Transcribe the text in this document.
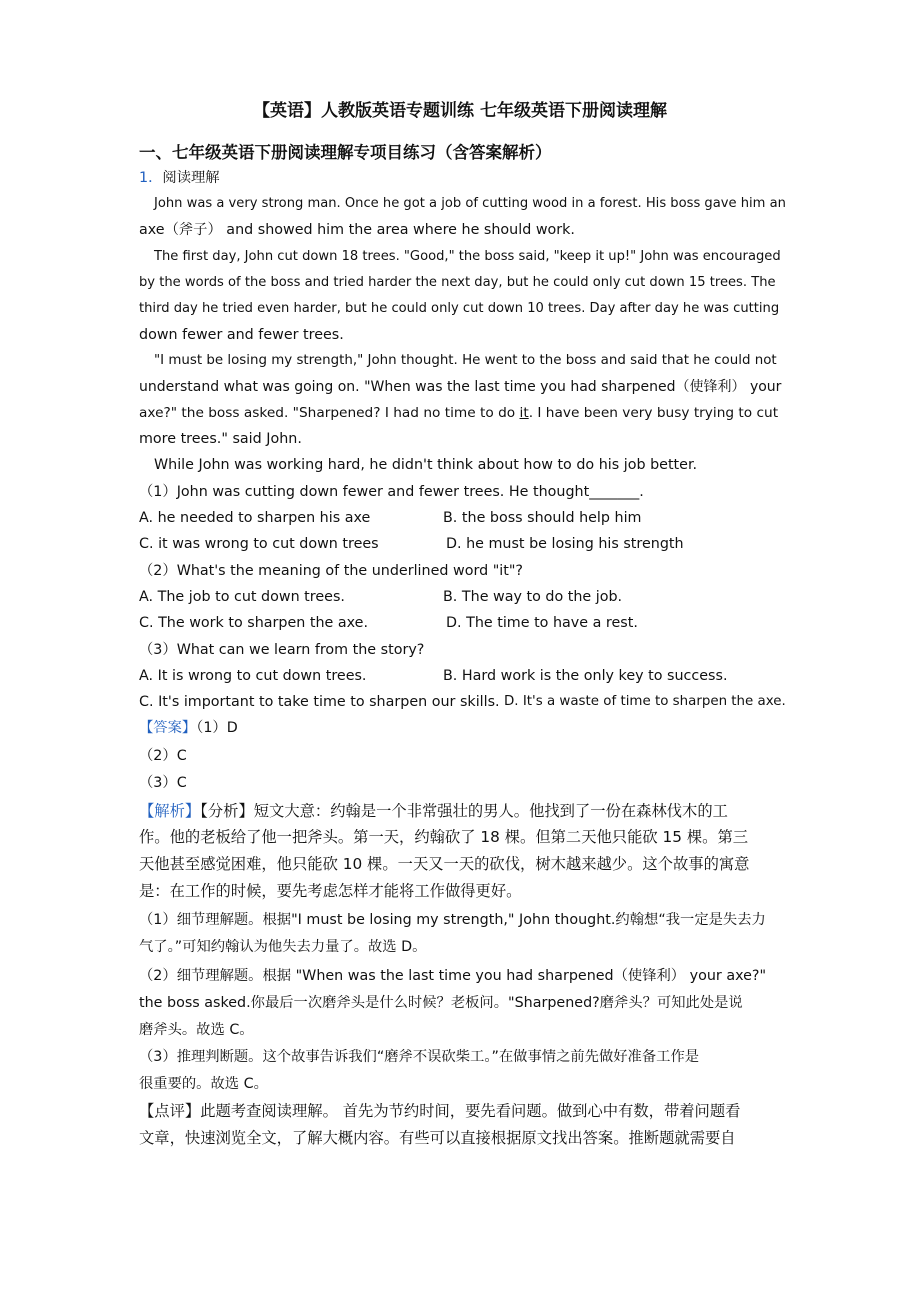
【英语】人教版英语专题训练 七年级英语下册阅读理解
一、七年级英语下册阅读理解专项目练习（含答案解析）
1．阅读理解
John was a very strong man. Once he got a job of cutting wood in a forest. His boss gave him an
axe（斧子） and showed him the area where he should work.
The first day, John cut down 18 trees. "Good," the boss said, "keep it up!" John was encouraged
by the words of the boss and tried harder the next day, but he could only cut down 15 trees. The
third day he tried even harder, but he could only cut down 10 trees. Day after day he was cutting
down fewer and fewer trees.
"I must be losing my strength," John thought. He went to the boss and said that he could not
understand what was going on. "When was the last time you had sharpened（使锋利） your
axe?" the boss asked. "Sharpened? I had no time to do it. I have been very busy trying to cut
more trees." said John.
While John was working hard, he didn't think about how to do his job better.
（1）John was cutting down fewer and fewer trees. He thought_______.
A. he needed to sharpen his axe	B. the boss should help him
C. it was wrong to cut down trees	D. he must be losing his strength
（2）What's the meaning of the underlined word "it"?
A. The job to cut down trees.	B. The way to do the job.
C. The work to sharpen the axe.	D. The time to have a rest.
（3）What can we learn from the story?
A. It is wrong to cut down trees.	B. Hard work is the only key to success.
C. It's important to take time to sharpen our skills. D. It's a waste of time to sharpen the axe.
【答案】（1）D
（2）C
（3）C
【解析】【分析】短文大意：约翰是一个非常强壮的男人。他找到了一份在森林伐木的工
作。他的老板给了他一把斧头。第一天，约翰砍了 18 棵。但第二天他只能砍 15 棵。第三
天他甚至感觉困难，他只能砍 10 棵。一天又一天的砍伐，树木越来越少。这个故事的寓意
是：在工作的时候，要先考虑怎样才能将工作做得更好。
（1）细节理解题。根据"I must be losing my strength," John thought.约翰想“我一定是失去力
气了。”可知约翰认为他失去力量了。故选 D。
（2）细节理解题。根据 "When was the last time you had sharpened（使锋利） your axe?"
the boss asked.你最后一次磨斧头是什么时候？老板问。"Sharpened?磨斧头？可知此处是说
磨斧头。故选 C。
（3）推理判断题。这个故事告诉我们“磨斧不误砍柴工。”在做事情之前先做好准备工作是
很重要的。故选 C。
【点评】此题考查阅读理解。 首先为节约时间，要先看问题。做到心中有数，带着问题看
文章，快速浏览全文，了解大概内容。有些可以直接根据原文找出答案。推断题就需要自
